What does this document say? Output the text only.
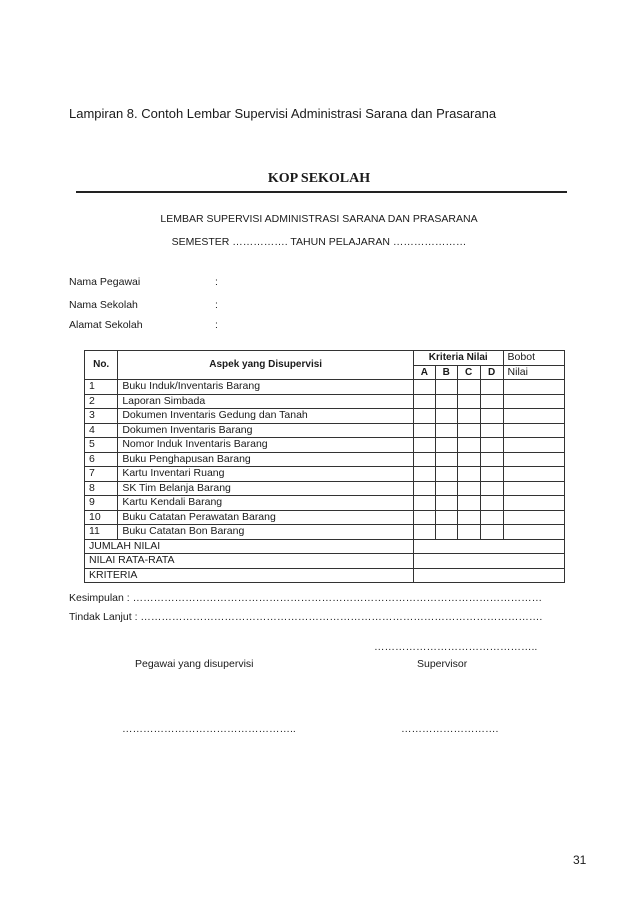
Lampiran 8. Contoh Lembar Supervisi Administrasi Sarana dan Prasarana
KOP SEKOLAH
LEMBAR SUPERVISI ADMINISTRASI SARANA DAN PRASARANA
SEMESTER ……………. TAHUN PELAJARAN …………………
Nama Pegawai	:
Nama Sekolah	:
Alamat Sekolah	:
No.	Aspek yang Disupervisi	Kriteria Nilai				Bobot
		A	B	C	D	Nilai
1	Buku Induk/Inventaris Barang					
2	Laporan Simbada					
3	Dokumen Inventaris Gedung dan Tanah					
4	Dokumen Inventaris Barang					
5	Nomor Induk Inventaris Barang					
6	Buku Penghapusan Barang					
7	Kartu Inventari Ruang					
8	SK Tim Belanja Barang					
9	Kartu Kendali Barang					
10	Buku Catatan Perawatan Barang					
11	Buku Catatan Bon Barang					
JUMLAH NILAI						
NILAI RATA-RATA						
KRITERIA						
Kesimpulan : ………………………………………………………………………………………………………
Tindak Lanjut : …………………………………………………………………………………………………….
………………………………………..
Pegawai yang disupervisi	Supervisor
…………………………………………..	……………………….
31
